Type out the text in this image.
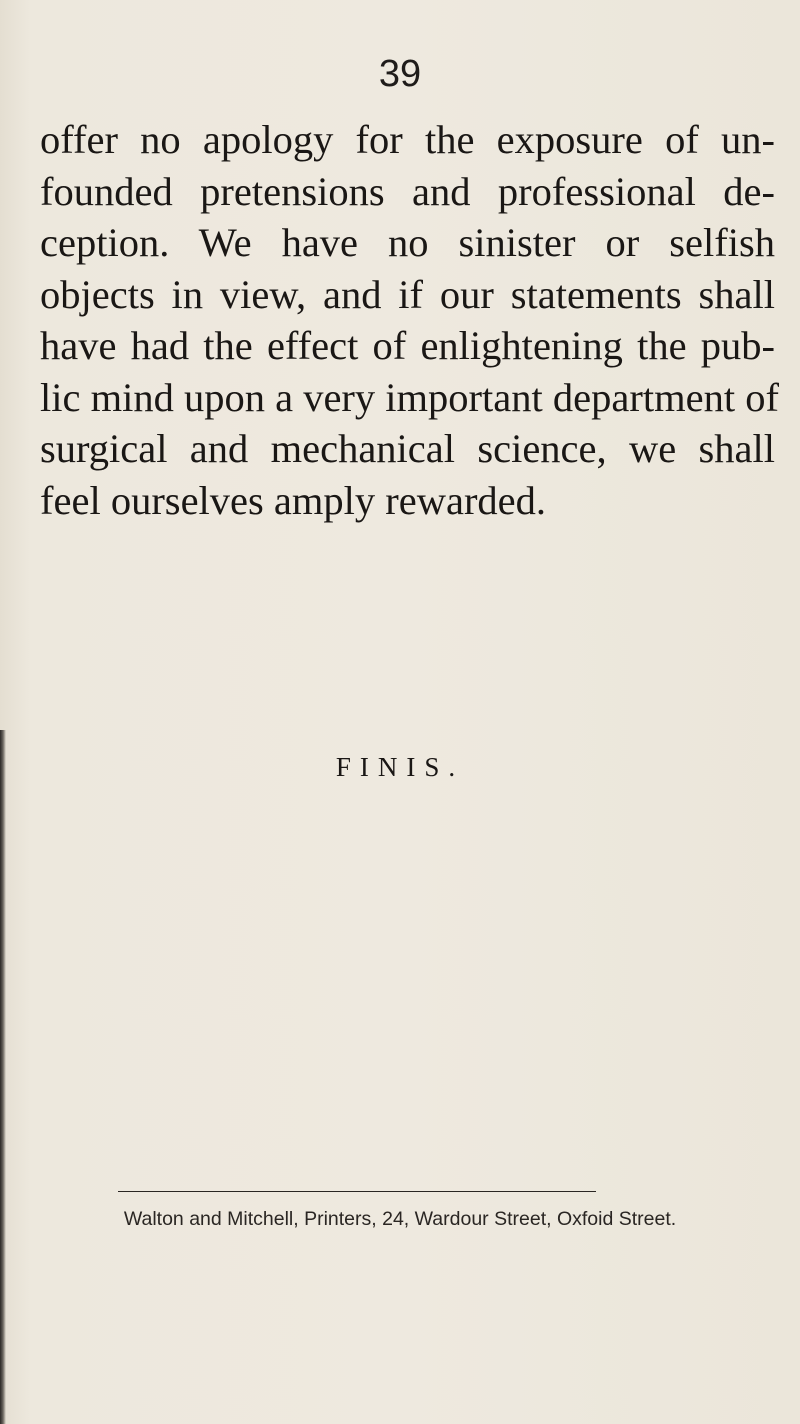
39

offer no apology for the exposure of un-
founded pretensions and professional de-
ception. We have no sinister or selfish
objects in view, and if our statements shall
have had the effect of enlightening the pub-
lic mind upon a very important department of
surgical and mechanical science, we shall
feel ourselves amply rewarded.

FINIS.
Walton and Mitchell, Printers, 24, Wardour Street, Oxfoid Street.
